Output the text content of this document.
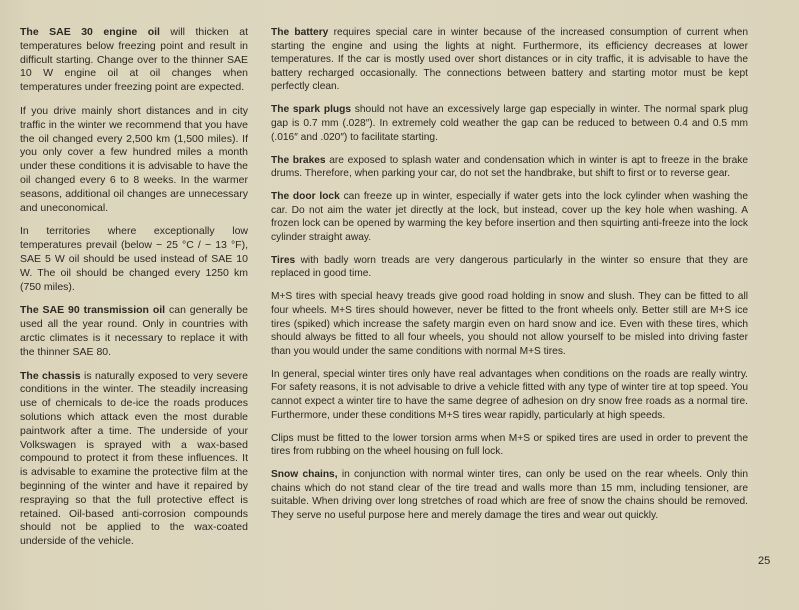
The SAE 30 engine oil will thicken at temperatures below freezing point and result in difficult starting. Change over to the thinner SAE 10 W engine oil at oil changes when temperatures under freezing point are expected.

If you drive mainly short distances and in city traffic in the winter we recommend that you have the oil changed every 2,500 km (1,500 miles). If you only cover a few hundred miles a month under these conditions it is advisable to have the oil changed every 6 to 8 weeks. In the warmer seasons, additional oil changes are unnecessary and uneconomical.

In territories where exceptionally low temperatures prevail (below − 25 °C / − 13 °F), SAE 5 W oil should be used instead of SAE 10 W. The oil should be changed every 1250 km (750 miles).

The SAE 90 transmission oil can generally be used all the year round. Only in countries with arctic climates is it necessary to replace it with the thinner SAE 80.

The chassis is naturally exposed to very severe conditions in the winter. The steadily increasing use of chemicals to de-ice the roads produces solutions which attack even the most durable paintwork after a time. The underside of your Volkswagen is sprayed with a wax-based compound to protect it from these influences. It is advisable to examine the protective film at the beginning of the winter and have it repaired by respraying so that the full protective effect is retained. Oil-based anti-corrosion compounds should not be applied to the wax-coated underside of the vehicle.

The battery requires special care in winter because of the increased consumption of current when starting the engine and using the lights at night. Furthermore, its efficiency decreases at lower temperatures. If the car is mostly used over short distances or in city traffic, it is advisable to have the battery recharged occasionally. The connections between battery and starting motor must be kept perfectly clean.

The spark plugs should not have an excessively large gap especially in winter. The normal spark plug gap is 0.7 mm (.028″). In extremely cold weather the gap can be reduced to between 0.4 and 0.5 mm (.016″ and .020″) to facilitate starting.

The brakes are exposed to splash water and condensation which in winter is apt to freeze in the brake drums. Therefore, when parking your car, do not set the handbrake, but shift to first or to reverse gear.

The door lock can freeze up in winter, especially if water gets into the lock cylinder when washing the car. Do not aim the water jet directly at the lock, but instead, cover up the key hole when washing. A frozen lock can be opened by warming the key before insertion and then squirting anti-freeze into the lock cylinder straight away.

Tires with badly worn treads are very dangerous particularly in the winter so ensure that they are replaced in good time.

M+S tires with special heavy treads give good road holding in snow and slush. They can be fitted to all four wheels. M+S tires should however, never be fitted to the front wheels only. Better still are M+S ice tires (spiked) which increase the safety margin even on hard snow and ice. Even with these tires, which should always be fitted to all four wheels, you should not allow yourself to be misled into driving faster than you would under the same conditions with normal M+S tires.

In general, special winter tires only have real advantages when conditions on the roads are really wintry. For safety reasons, it is not advisable to drive a vehicle fitted with any type of winter tire at top speed. You cannot expect a winter tire to have the same degree of adhesion on dry snow free roads as a normal tire. Furthermore, under these conditions M+S tires wear rapidly, particularly at high speeds.

Clips must be fitted to the lower torsion arms when M+S or spiked tires are used in order to prevent the tires from rubbing on the wheel housing on full lock.

Snow chains, in conjunction with normal winter tires, can only be used on the rear wheels. Only thin chains which do not stand clear of the tire tread and walls more than 15 mm, including tensioner, are suitable. When driving over long stretches of road which are free of snow the chains should be removed. They serve no useful purpose here and merely damage the tires and wear out quickly.

25
